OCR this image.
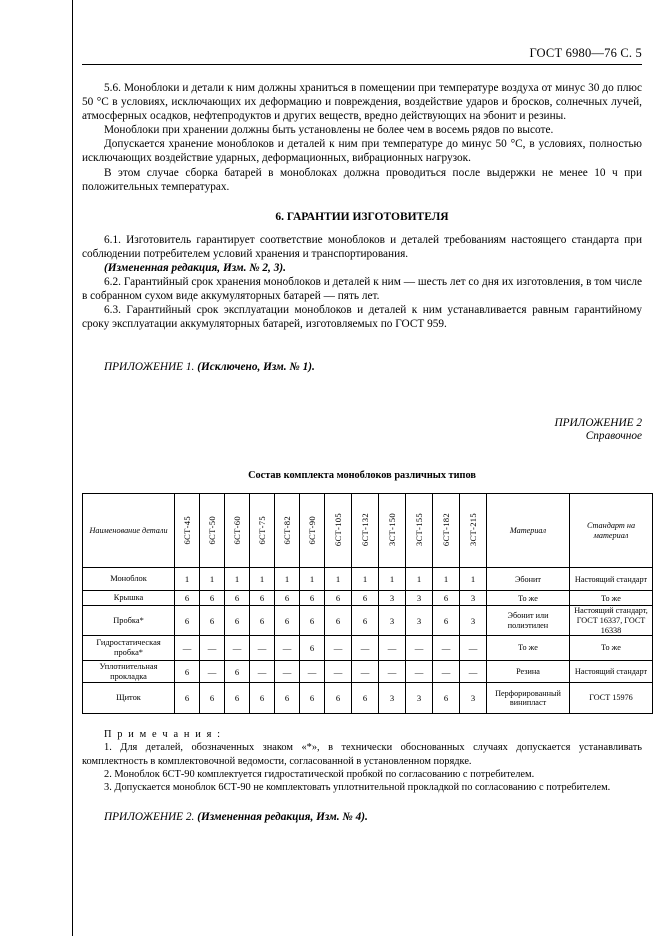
ГОСТ 6980—76 С. 5

5.6. Моноблоки и детали к ним должны храниться в помещении при температуре воздуха от минус 30 до плюс 50 °С в условиях, исключающих их деформацию и повреждения, воздействие ударов и бросков, солнечных лучей, атмосферных осадков, нефтепродуктов и других веществ, вредно действующих на эбонит и резины.

Моноблоки при хранении должны быть установлены не более чем в восемь рядов по высоте.

Допускается хранение моноблоков и деталей к ним при температуре до минус 50 °С, в условиях, полностью исключающих воздействие ударных, деформационных, вибрационных нагрузок.

В этом случае сборка батарей в моноблоках должна проводиться после выдержки не менее 10 ч при положительных температурах.

6. ГАРАНТИИ ИЗГОТОВИТЕЛЯ

6.1. Изготовитель гарантирует соответствие моноблоков и деталей требованиям настоящего стандарта при соблюдении потребителем условий хранения и транспортирования.

(Измененная редакция, Изм. № 2, 3).

6.2. Гарантийный срок хранения моноблоков и деталей к ним — шесть лет со дня их изготовления, в том числе в собранном сухом виде аккумуляторных батарей — пять лет.

6.3. Гарантийный срок эксплуатации моноблоков и деталей к ним устанавливается равным гарантийному сроку эксплуатации аккумуляторных батарей, изготовляемых по ГОСТ 959.

ПРИЛОЖЕНИЕ 1. (Исключено, Изм. № 1).
ПРИЛОЖЕНИЕ 2
Справочное
Состав комплекта моноблоков различных типов
Наименование детали	6СТ-45	6СТ-50	6СТ-60	6СТ-75	6СТ-82	6СТ-90	6СТ-105	6СТ-132	3СТ-150	3СТ-155	6СТ-182	3СТ-215	Материал	Стандарт на материал
Моноблок	1	1	1	1	1	1	1	1	1	1	1	1	Эбонит	Настоящий стандарт
Крышка	6	6	6	6	6	6	6	6	3	3	6	3	То же	То же
Пробка*	6	6	6	6	6	6	6	6	3	3	6	3	Эбонит или полиэтилен	Настоящий стандарт, ГОСТ 16337, ГОСТ 16338
Гидростатическая пробка*	—	—	—	—	—	6	—	—	—	—	—	—	То же	То же
Уплотнительная прокладка	6	—	6	—	—	—	—	—	—	—	—	—	Резина	Настоящий стандарт
Щиток	6	6	6	6	6	6	6	6	3	3	6	3	Перфорированный винипласт	ГОСТ 15976
П р и м е ч а н и я :

1. Для деталей, обозначенных знаком «*», в технически обоснованных случаях допускается устанавливать комплектность в комплектовочной ведомости, согласованной в установленном порядке.

2. Моноблок 6СТ-90 комплектуется гидростатической пробкой по согласованию с потребителем.

3. Допускается моноблок 6СТ-90 не комплектовать уплотнительной прокладкой по согласованию с потребителем.

ПРИЛОЖЕНИЕ 2. (Измененная редакция, Изм. № 4).
